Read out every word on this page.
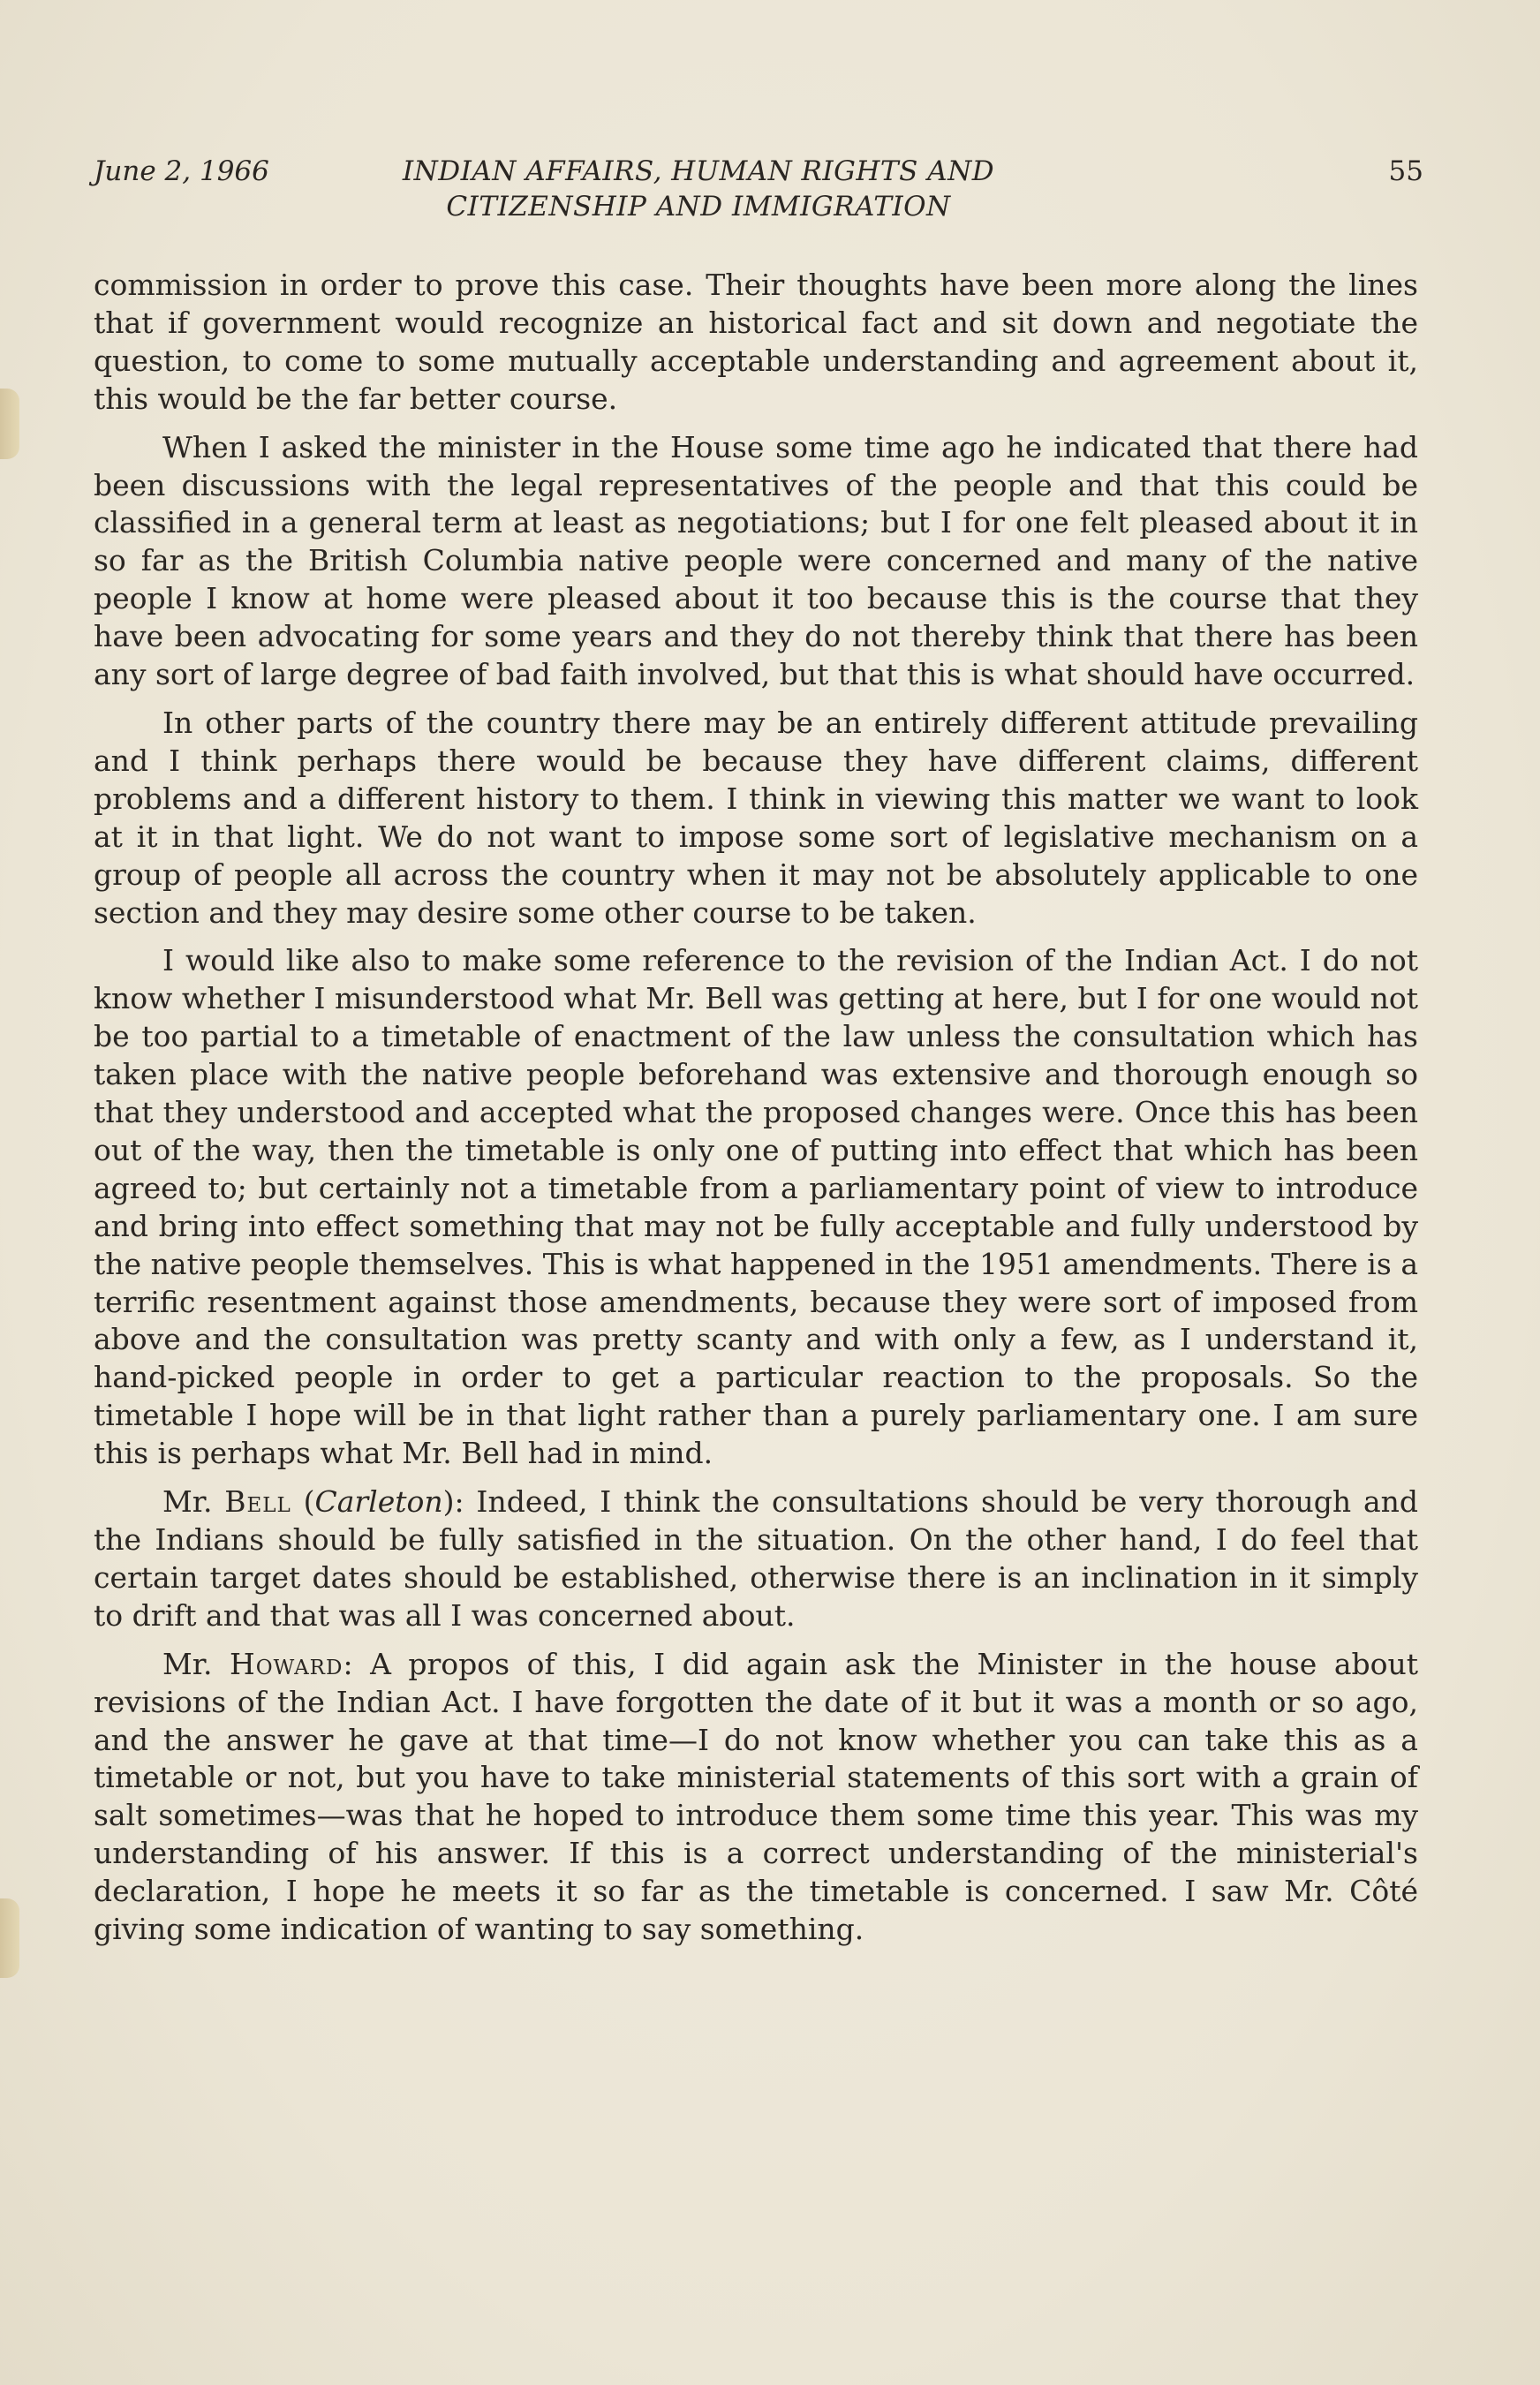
June 2, 1966	INDIAN AFFAIRS, HUMAN RIGHTS AND
CITIZENSHIP AND IMMIGRATION
55

commission in order to prove this case. Their thoughts have been more along the lines that if government would recognize an historical fact and sit down and negotiate the question, to come to some mutually acceptable understanding and agreement about it, this would be the far better course.

When I asked the minister in the House some time ago he indicated that there had been discussions with the legal representatives of the people and that this could be classified in a general term at least as negotiations; but I for one felt pleased about it in so far as the British Columbia native people were concerned and many of the native people I know at home were pleased about it too because this is the course that they have been advocating for some years and they do not thereby think that there has been any sort of large degree of bad faith involved, but that this is what should have occurred.

In other parts of the country there may be an entirely different attitude prevailing and I think perhaps there would be because they have different claims, different problems and a different history to them. I think in viewing this matter we want to look at it in that light. We do not want to impose some sort of legislative mechanism on a group of people all across the country when it may not be absolutely applicable to one section and they may desire some other course to be taken.

I would like also to make some reference to the revision of the Indian Act. I do not know whether I misunderstood what Mr. Bell was getting at here, but I for one would not be too partial to a timetable of enactment of the law unless the consultation which has taken place with the native people beforehand was extensive and thorough enough so that they understood and accepted what the proposed changes were. Once this has been out of the way, then the timetable is only one of putting into effect that which has been agreed to; but certainly not a timetable from a parliamentary point of view to introduce and bring into effect something that may not be fully acceptable and fully understood by the native people themselves. This is what happened in the 1951 amendments. There is a terrific resentment against those amendments, because they were sort of imposed from above and the consultation was pretty scanty and with only a few, as I understand it, hand-picked people in order to get a particular reaction to the proposals. So the timetable I hope will be in that light rather than a purely parliamentary one. I am sure this is perhaps what Mr. Bell had in mind.

Mr. Bell (Carleton): Indeed, I think the consultations should be very thorough and the Indians should be fully satisfied in the situation. On the other hand, I do feel that certain target dates should be established, otherwise there is an inclination in it simply to drift and that was all I was concerned about.

Mr. Howard: A propos of this, I did again ask the Minister in the house about revisions of the Indian Act. I have forgotten the date of it but it was a month or so ago, and the answer he gave at that time—I do not know whether you can take this as a timetable or not, but you have to take ministerial statements of this sort with a grain of salt sometimes—was that he hoped to introduce them some time this year. This was my understanding of his answer. If this is a correct understanding of the ministerial's declaration, I hope he meets it so far as the timetable is concerned. I saw Mr. Côté giving some indication of wanting to say something.
